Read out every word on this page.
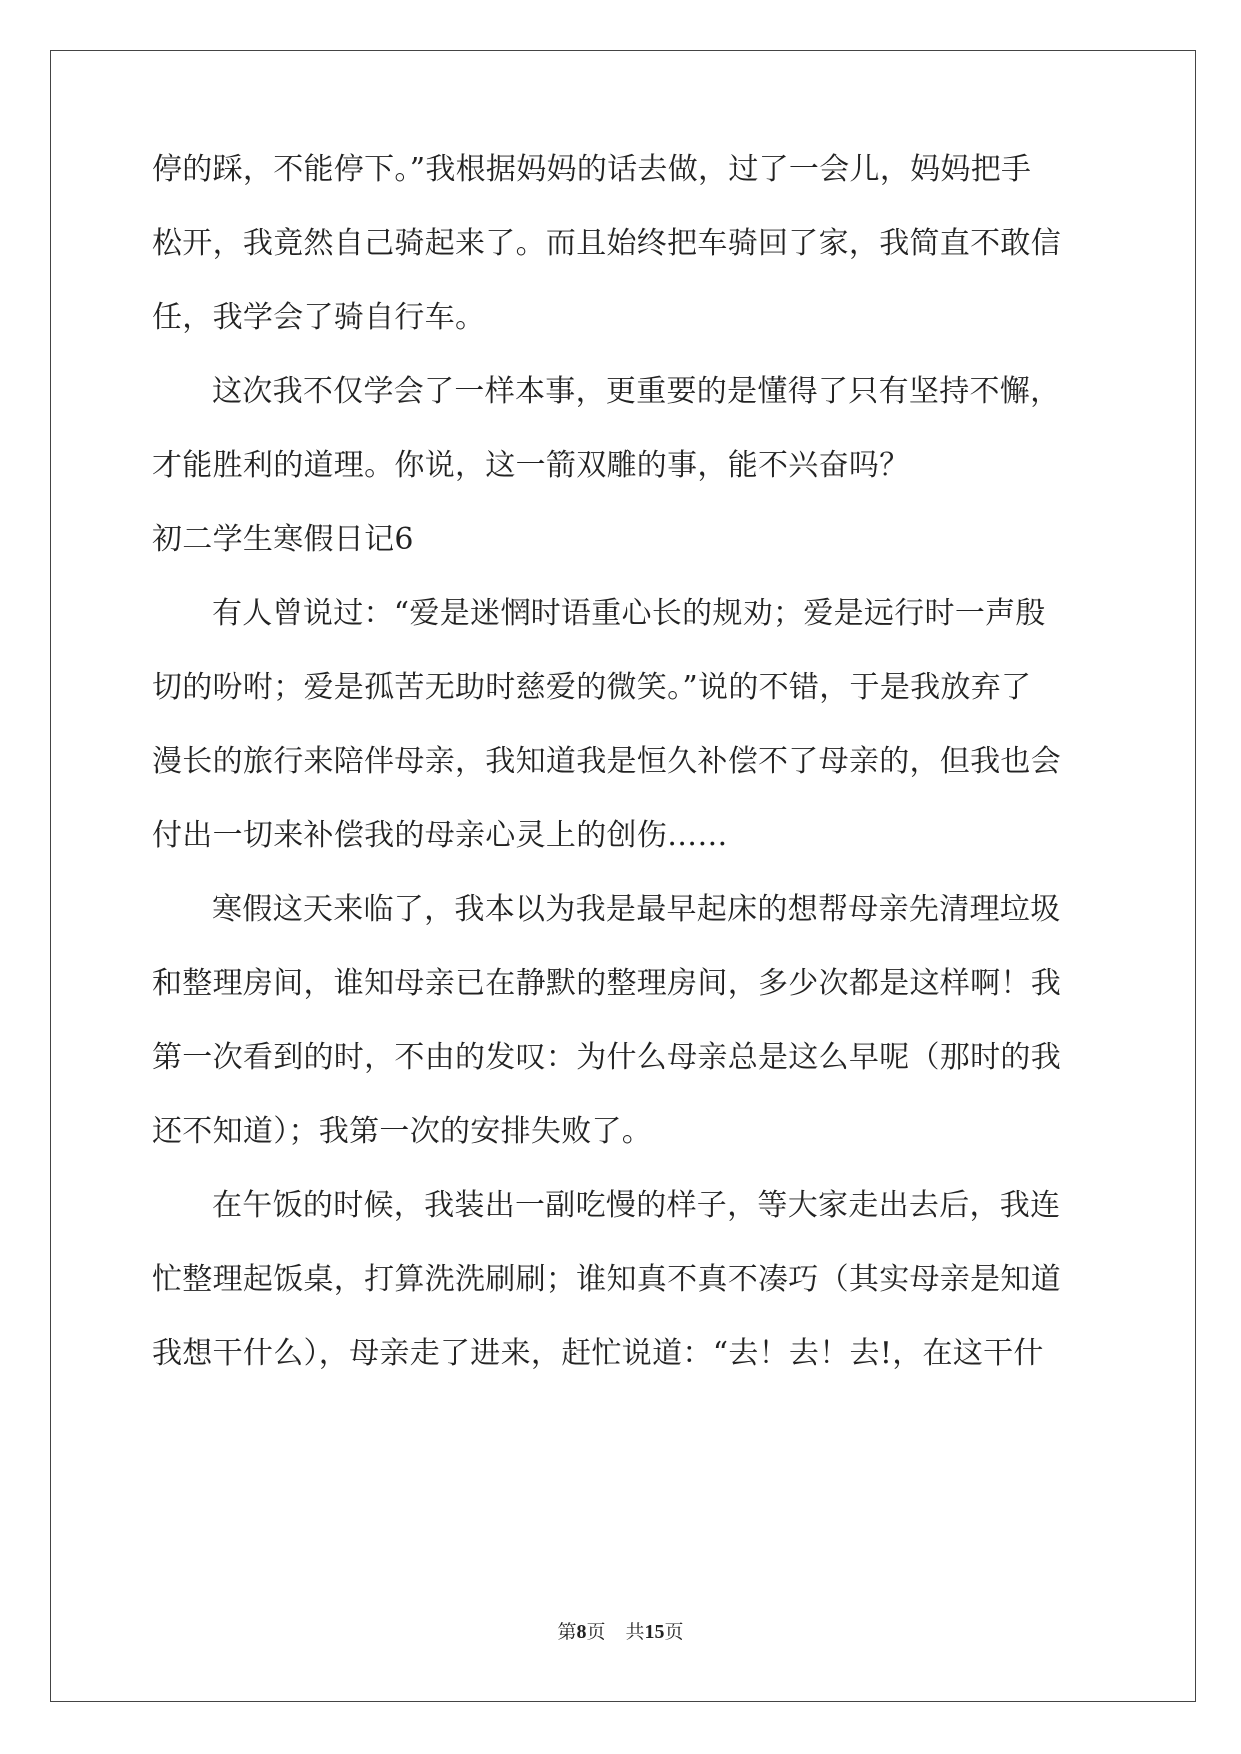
停的踩，不能停下。”我根据妈妈的话去做，过了一会儿，妈妈把手
松开，我竟然自己骑起来了。而且始终把车骑回了家，我简直不敢信
任，我学会了骑自行车。
这次我不仅学会了一样本事，更重要的是懂得了只有坚持不懈，
才能胜利的道理。你说，这一箭双雕的事，能不兴奋吗？
初二学生寒假日记6
有人曾说过：“爱是迷惘时语重心长的规劝；爱是远行时一声殷
切的吩咐；爱是孤苦无助时慈爱的微笑。”说的不错，于是我放弃了
漫长的旅行来陪伴母亲，我知道我是恒久补偿不了母亲的，但我也会
付出一切来补偿我的母亲心灵上的创伤……
寒假这天来临了，我本以为我是最早起床的想帮母亲先清理垃圾
和整理房间，谁知母亲已在静默的整理房间，多少次都是这样啊！我
第一次看到的时，不由的发叹：为什么母亲总是这么早呢（那时的我
还不知道）；我第一次的安排失败了。
在午饭的时候，我装出一副吃慢的样子，等大家走出去后，我连
忙整理起饭桌，打算洗洗刷刷；谁知真不真不凑巧（其实母亲是知道
我想干什么），母亲走了进来，赶忙说道：“去！去！去!，在这干什
第8页 共15页
